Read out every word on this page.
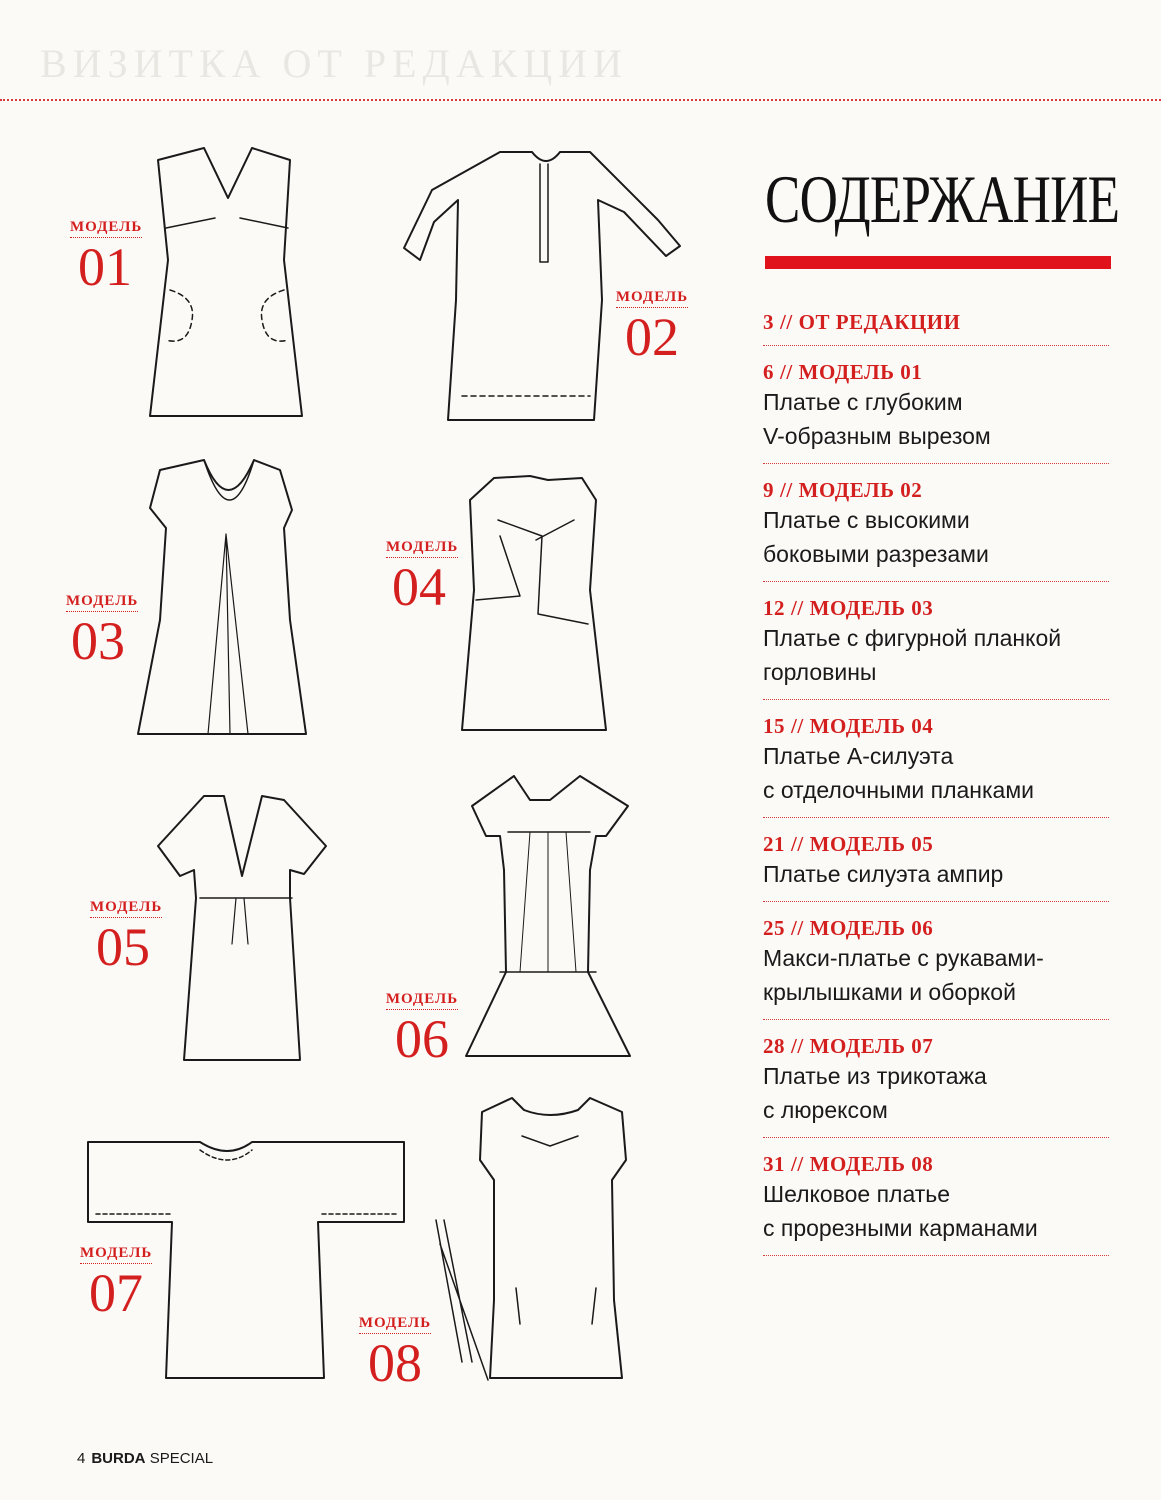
ВИЗИТКА ОТ РЕДАКЦИИ
МОДЕЛЬ
01	МОДЕЛЬ
02
МОДЕЛЬ
03
МОДЕЛЬ
04
МОДЕЛЬ
05
МОДЕЛЬ
06
МОДЕЛЬ
07	МОДЕЛЬ
08
СОДЕРЖАНИЕ
3 // ОТ РЕДАКЦИИ
6 // МОДЕЛЬ 01
Платье с глубоким
V-образным вырезом
9 // МОДЕЛЬ 02
Платье с высокими
боковыми разрезами
12 // МОДЕЛЬ 03
Платье с фигурной планкой
горловины
15 // МОДЕЛЬ 04
Платье А-силуэта
с отделочными планками
21 // МОДЕЛЬ 05
Платье силуэта ампир
25 // МОДЕЛЬ 06
Макси-платье с рукавами-
крылышками и оборкой
28 // МОДЕЛЬ 07
Платье из трикотажа
с люрексом
31 // МОДЕЛЬ 08
Шелковое платье
с прорезными карманами
4 BURDA SPECIAL
